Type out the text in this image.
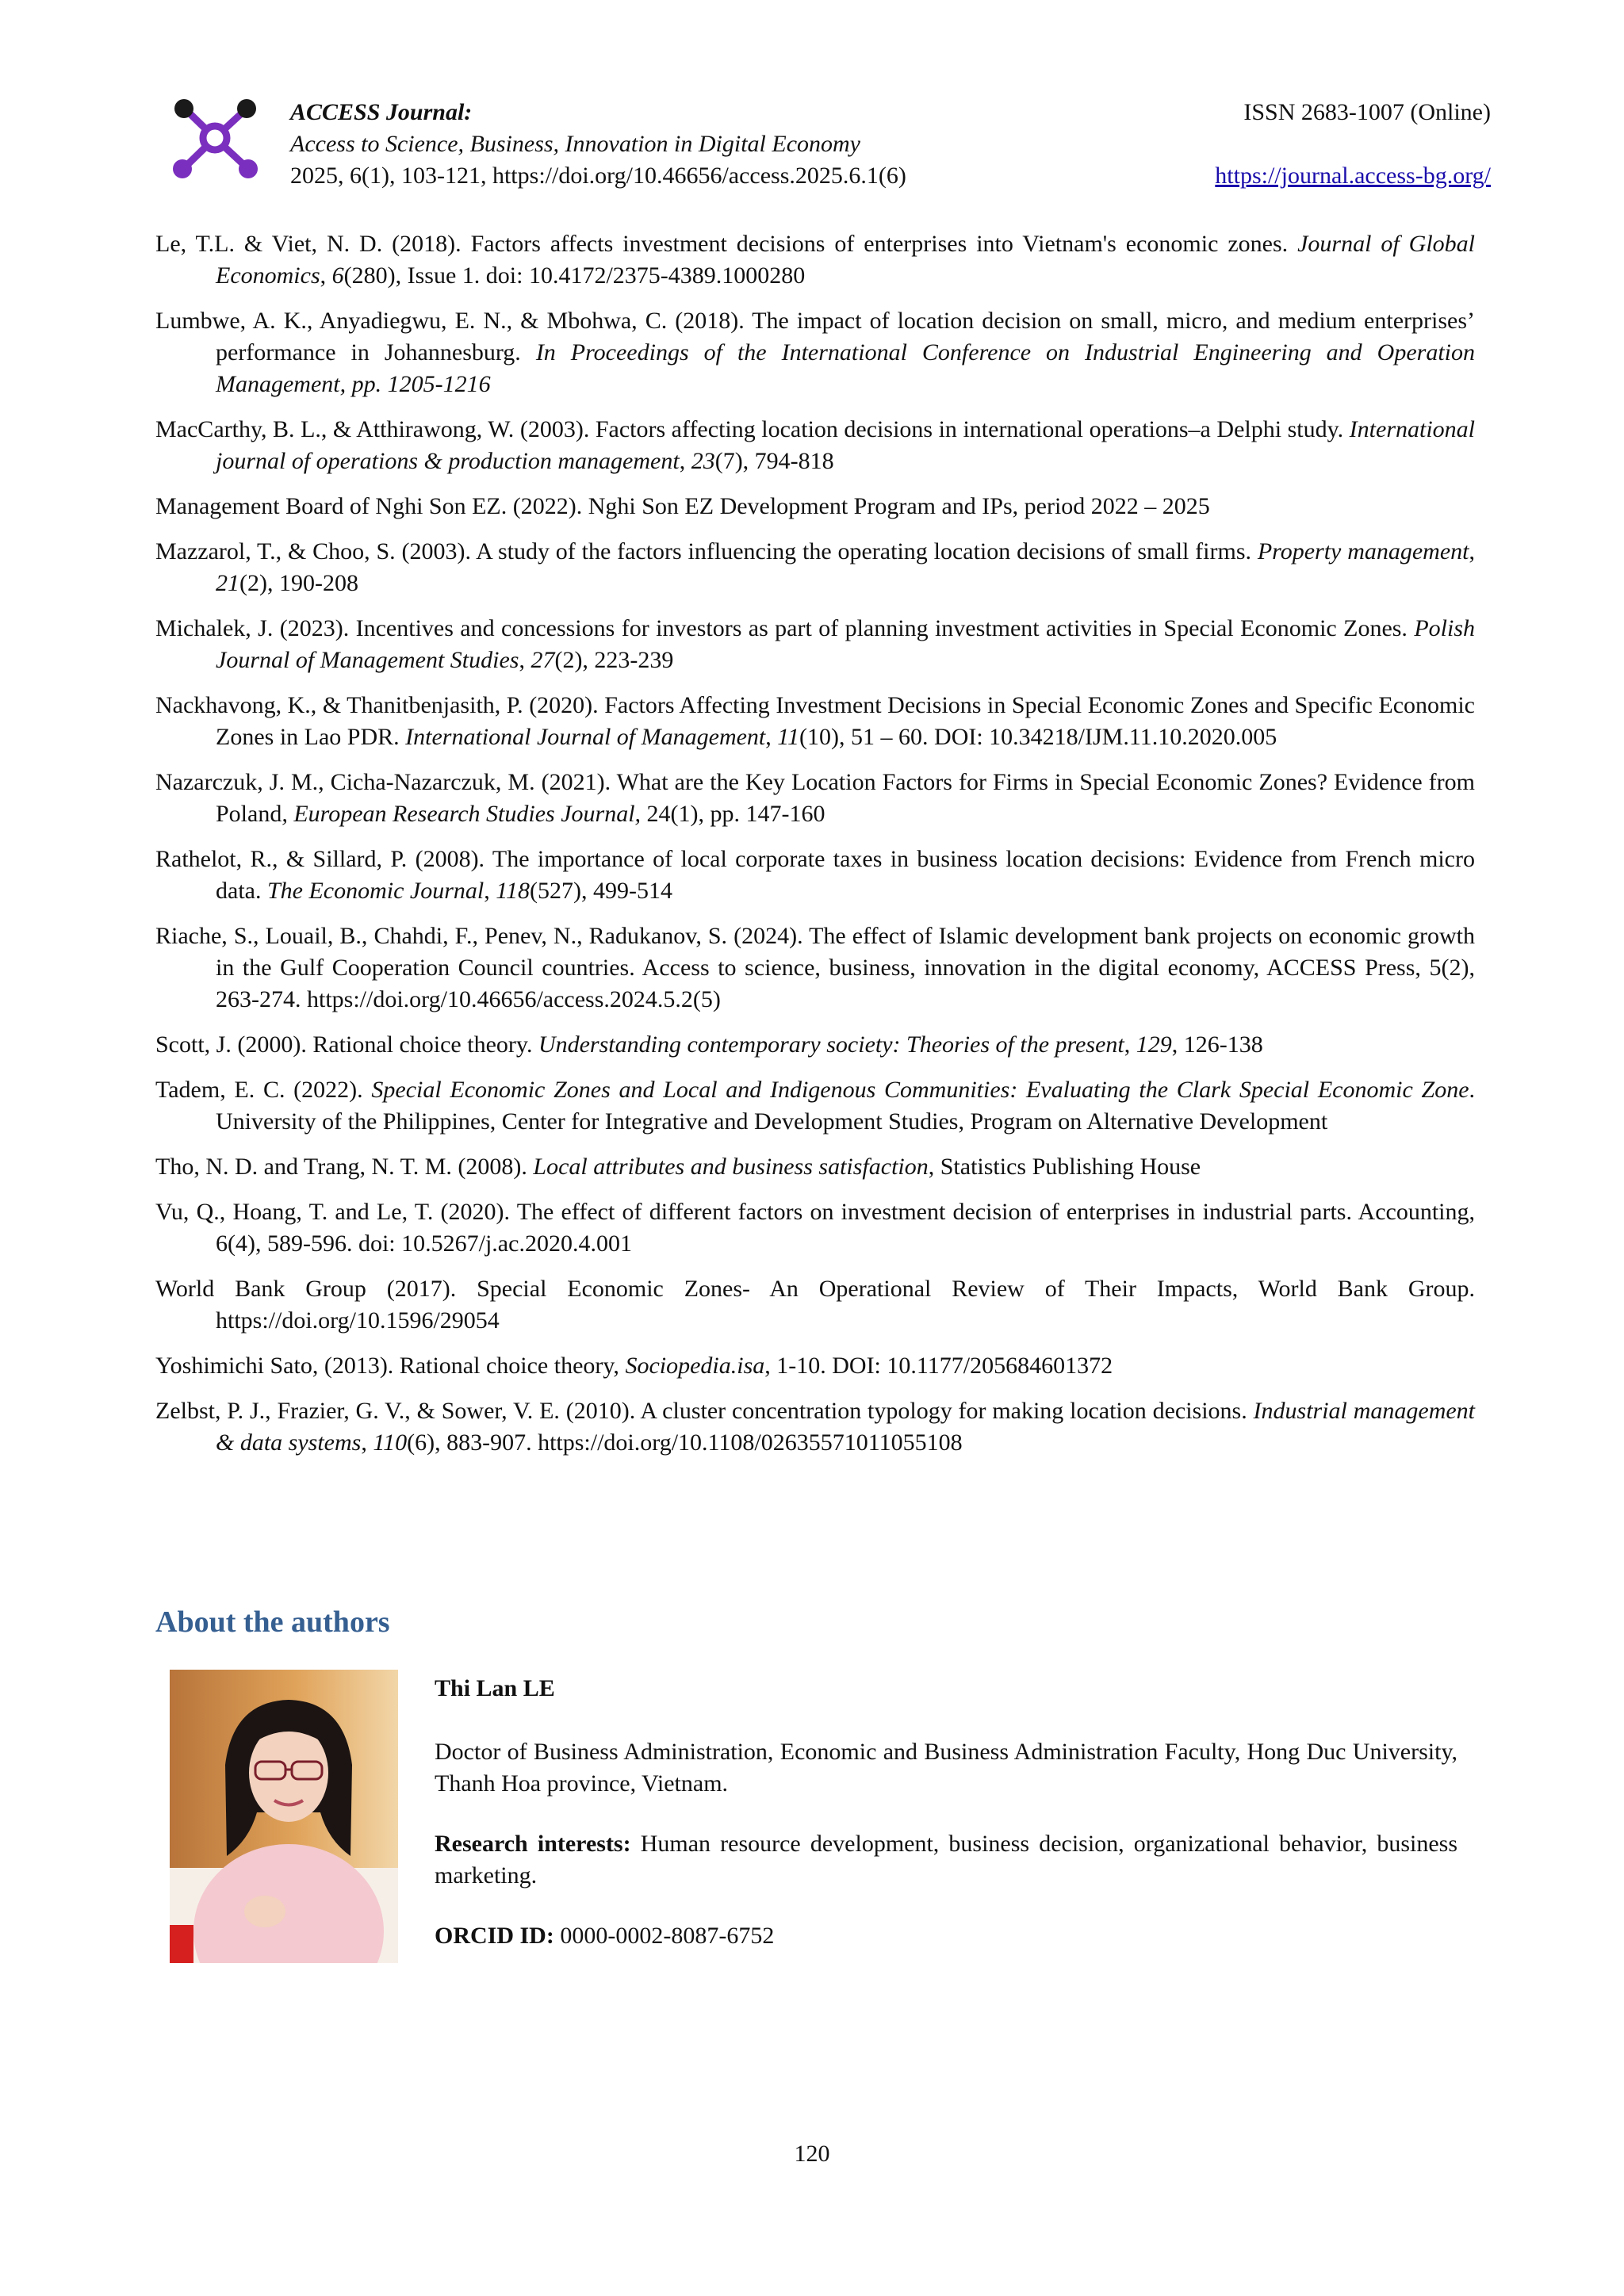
ACCESS Journal:
Access to Science, Business, Innovation in Digital Economy
2025, 6(1), 103-121, https://doi.org/10.46656/access.2025.6.1(6)
ISSN 2683-1007 (Online)
https://journal.access-bg.org/

Le, T.L. & Viet, N. D. (2018). Factors affects investment decisions of enterprises into Vietnam's economic zones. Journal of Global Economics, 6(280), Issue 1. doi: 10.4172/2375-4389.1000280

Lumbwe, A. K., Anyadiegwu, E. N., & Mbohwa, C. (2018). The impact of location decision on small, micro, and medium enterprises’ performance in Johannesburg. In Proceedings of the International Conference on Industrial Engineering and Operation Management, pp. 1205-1216

MacCarthy, B. L., & Atthirawong, W. (2003). Factors affecting location decisions in international operations–a Delphi study. International journal of operations & production management, 23(7), 794-818

Management Board of Nghi Son EZ. (2022). Nghi Son EZ Development Program and IPs, period 2022 – 2025

Mazzarol, T., & Choo, S. (2003). A study of the factors influencing the operating location decisions of small firms. Property management, 21(2), 190-208

Michalek, J. (2023). Incentives and concessions for investors as part of planning investment activities in Special Economic Zones. Polish Journal of Management Studies, 27(2), 223-239

Nackhavong, K., & Thanitbenjasith, P. (2020). Factors Affecting Investment Decisions in Special Economic Zones and Specific Economic Zones in Lao PDR. International Journal of Management, 11(10), 51 – 60. DOI: 10.34218/IJM.11.10.2020.005

Nazarczuk, J. M., Cicha-Nazarczuk, M. (2021). What are the Key Location Factors for Firms in Special Economic Zones? Evidence from Poland, European Research Studies Journal, 24(1), pp. 147-160

Rathelot, R., & Sillard, P. (2008). The importance of local corporate taxes in business location decisions: Evidence from French micro data. The Economic Journal, 118(527), 499-514

Riache, S., Louail, B., Chahdi, F., Penev, N., Radukanov, S. (2024). The effect of Islamic development bank projects on economic growth in the Gulf Cooperation Council countries. Access to science, business, innovation in the digital economy, ACCESS Press, 5(2), 263-274. https://doi.org/10.46656/access.2024.5.2(5)

Scott, J. (2000). Rational choice theory. Understanding contemporary society: Theories of the present, 129, 126-138

Tadem, E. C. (2022). Special Economic Zones and Local and Indigenous Communities: Evaluating the Clark Special Economic Zone. University of the Philippines, Center for Integrative and Development Studies, Program on Alternative Development

Tho, N. D. and Trang, N. T. M. (2008). Local attributes and business satisfaction, Statistics Publishing House

Vu, Q., Hoang, T. and Le, T. (2020). The effect of different factors on investment decision of enterprises in industrial parts. Accounting, 6(4), 589-596. doi: 10.5267/j.ac.2020.4.001

World Bank Group (2017). Special Economic Zones- An Operational Review of Their Impacts, World Bank Group. https://doi.org/10.1596/29054

Yoshimichi Sato, (2013). Rational choice theory, Sociopedia.isa, 1-10. DOI: 10.1177/205684601372

Zelbst, P. J., Frazier, G. V., & Sower, V. E. (2010). A cluster concentration typology for making location decisions. Industrial management & data systems, 110(6), 883-907. https://doi.org/10.1108/02635571011055108

About the authors

Thi Lan LE

Doctor of Business Administration, Economic and Business Administration Faculty, Hong Duc University, Thanh Hoa province, Vietnam.

Research interests: Human resource development, business decision, organizational behavior, business marketing.

ORCID ID: 0000-0002-8087-6752

120
